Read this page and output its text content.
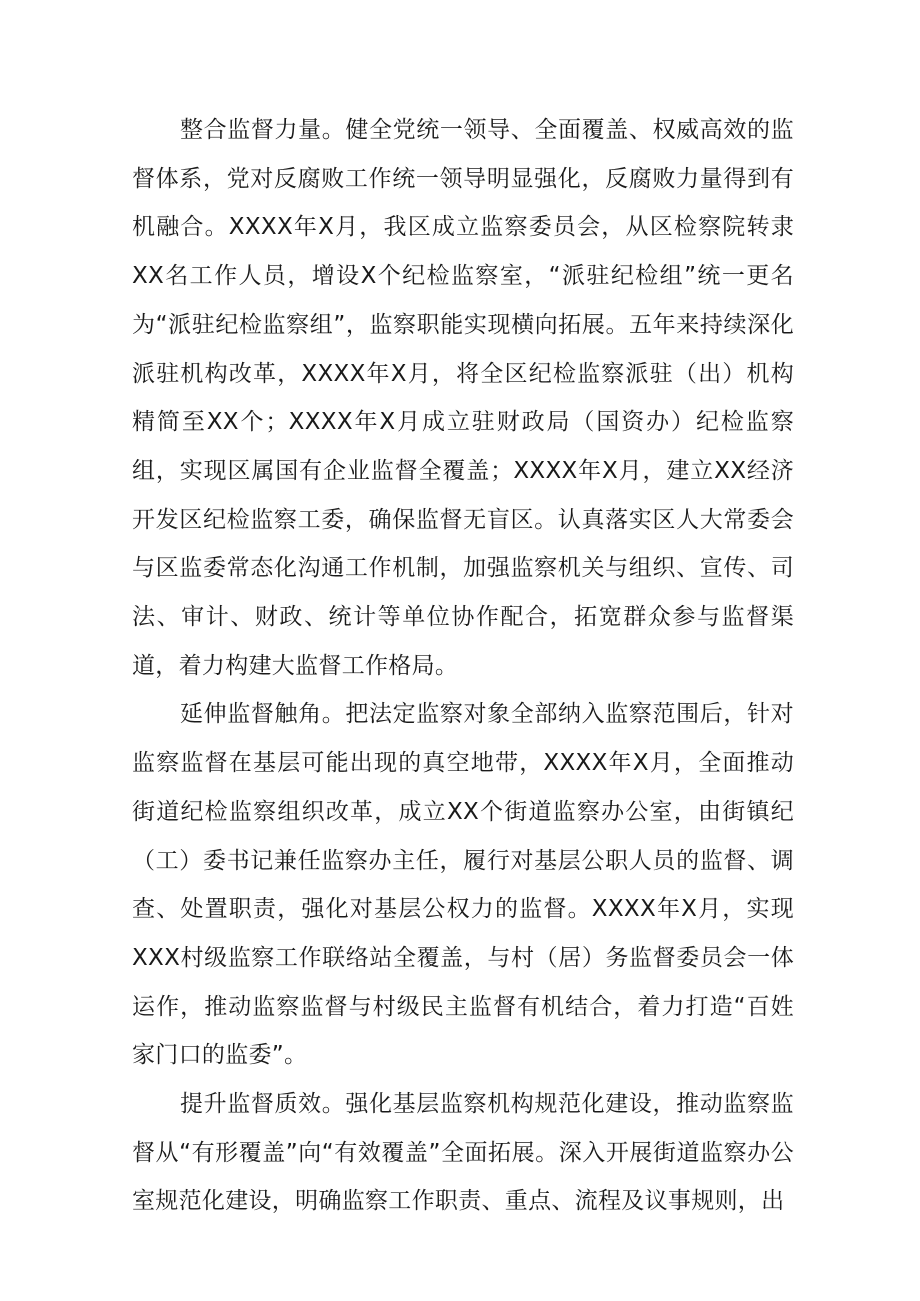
整合监督力量。健全党统一领导、全面覆盖、权威高效的监督体系，党对反腐败工作统一领导明显强化，反腐败力量得到有机融合。XXXX年X月，我区成立监察委员会，从区检察院转隶XX名工作人员，增设X个纪检监察室，“派驻纪检组”统一更名为“派驻纪检监察组”，监察职能实现横向拓展。五年来持续深化派驻机构改革，XXXX年X月，将全区纪检监察派驻（出）机构精简至XX个；XXXX年X月成立驻财政局（国资办）纪检监察组，实现区属国有企业监督全覆盖；XXXX年X月，建立XX经济开发区纪检监察工委，确保监督无盲区。认真落实区人大常委会与区监委常态化沟通工作机制，加强监察机关与组织、宣传、司法、审计、财政、统计等单位协作配合，拓宽群众参与监督渠道，着力构建大监督工作格局。

延伸监督触角。把法定监察对象全部纳入监察范围后，针对监察监督在基层可能出现的真空地带，XXXX年X月，全面推动街道纪检监察组织改革，成立XX个街道监察办公室，由街镇纪（工）委书记兼任监察办主任，履行对基层公职人员的监督、调查、处置职责，强化对基层公权力的监督。XXXX年X月，实现XXX村级监察工作联络站全覆盖，与村（居）务监督委员会一体运作，推动监察监督与村级民主监督有机结合，着力打造“百姓家门口的监委”。

提升监督质效。强化基层监察机构规范化建设，推动监察监督从“有形覆盖”向“有效覆盖”全面拓展。深入开展街道监察办公室规范化建设，明确监察工作职责、重点、流程及议事规则，出
